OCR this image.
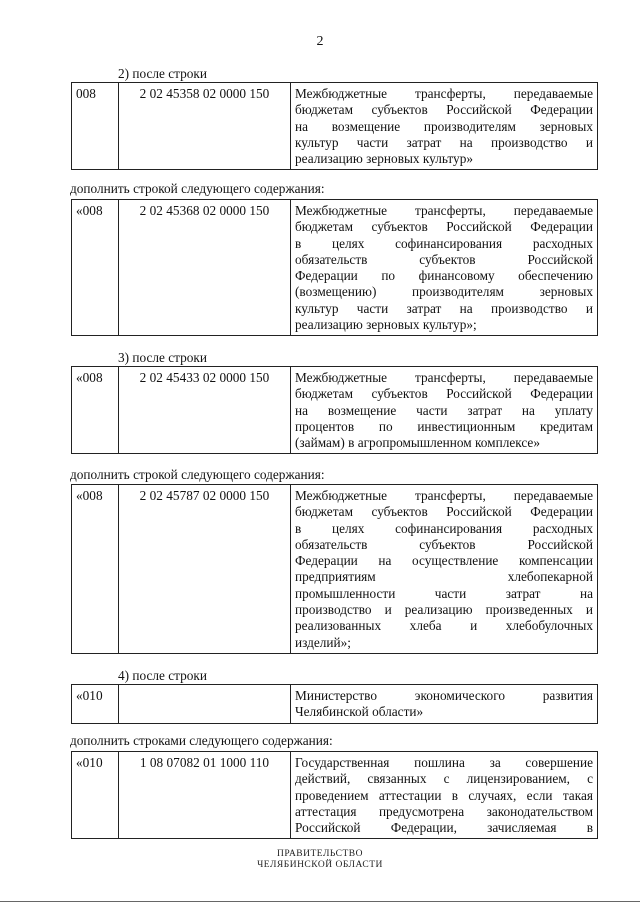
2
2) после строки
008	2 02 45358 02 0000 150	Межбюджетные трансферты, передаваемые
бюджетам субъектов Российской Федерации
на возмещение производителям зерновых
культур части затрат на производство и
реализацию зерновых культур»
дополнить строкой следующего содержания:
«008	2 02 45368 02 0000 150	Межбюджетные трансферты, передаваемые
бюджетам субъектов Российской Федерации
в целях софинансирования расходных
обязательств субъектов Российской
Федерации по финансовому обеспечению
(возмещению) производителям зерновых
культур части затрат на производство и
реализацию зерновых культур»;
3) после строки
«008	2 02 45433 02 0000 150	Межбюджетные трансферты, передаваемые
бюджетам субъектов Российской Федерации
на возмещение части затрат на уплату
процентов по инвестиционным кредитам
(займам) в агропромышленном комплексе»
дополнить строкой следующего содержания:
«008	2 02 45787 02 0000 150	Межбюджетные трансферты, передаваемые
бюджетам субъектов Российской Федерации
в целях софинансирования расходных
обязательств субъектов Российской
Федерации на осуществление компенсации
предприятиям хлебопекарной
промышленности части затрат на
производство и реализацию произведенных и
реализованных хлеба и хлебобулочных
изделий»;
4) после строки
«010		Министерство экономического развития
Челябинской области»
дополнить строками следующего содержания:
«010	1 08 07082 01 1000 110	Государственная пошлина за совершение
действий, связанных с лицензированием, с
проведением аттестации в случаях, если такая
аттестация предусмотрена законодательством
Российской Федерации, зачисляемая в
ПРАВИТЕЛЬСТВО
ЧЕЛЯБИНСКОЙ ОБЛАСТИ
